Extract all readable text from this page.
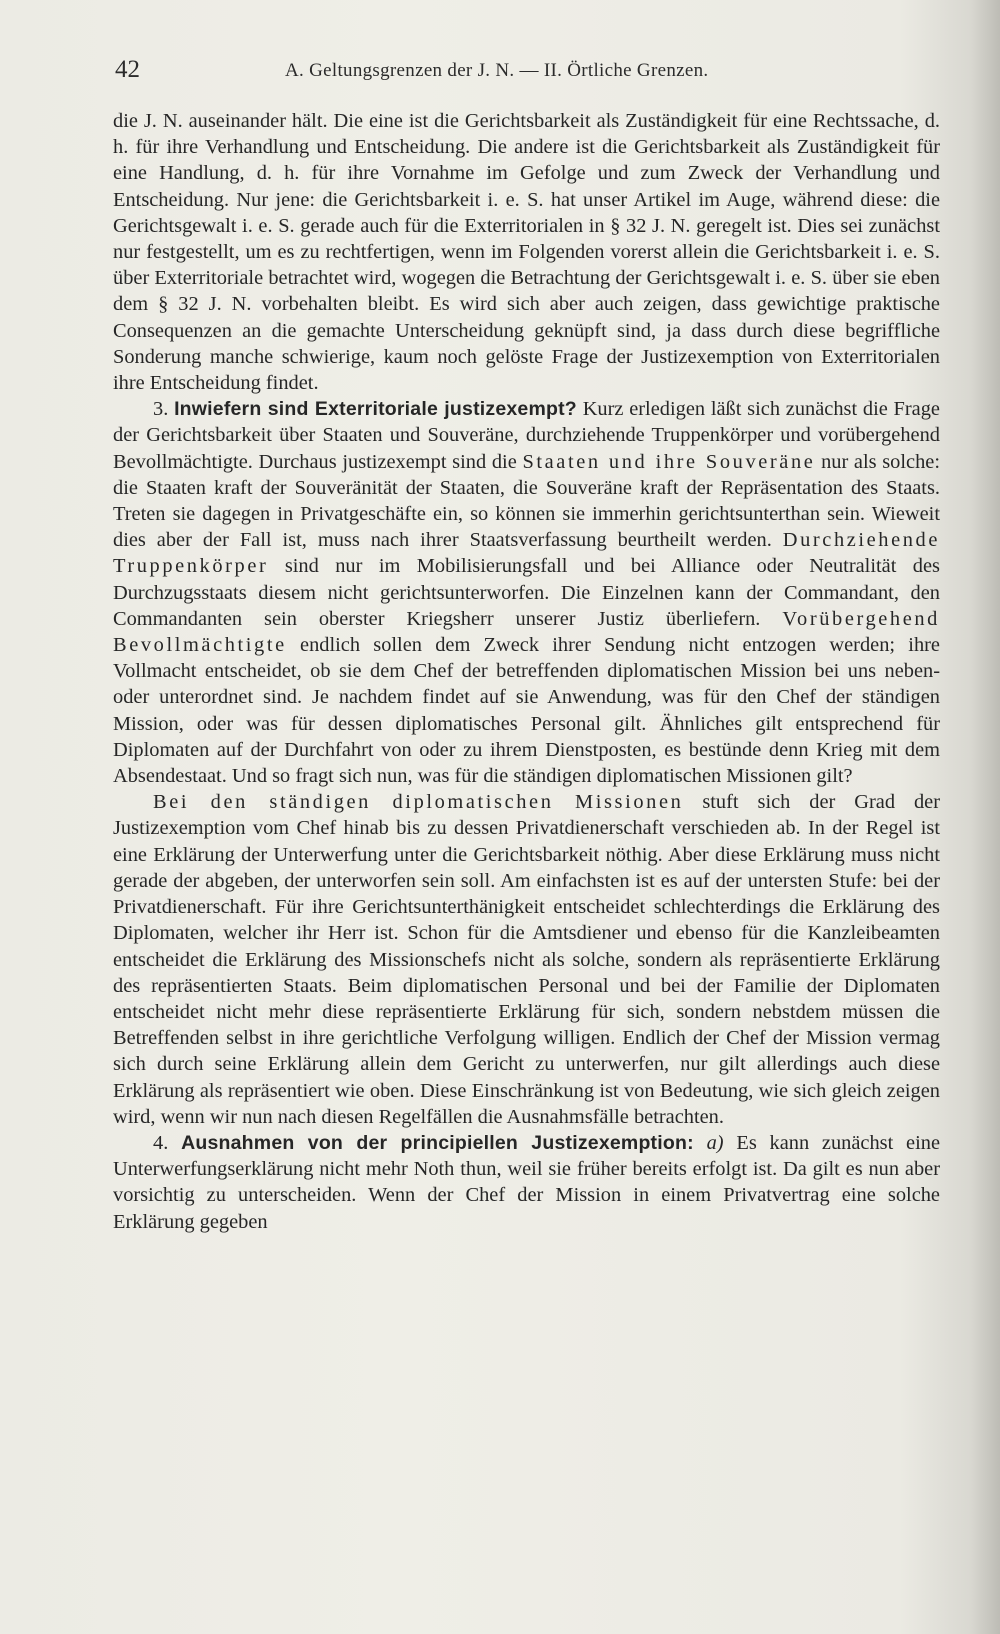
42	A. Geltungsgrenzen der J. N. — II. Örtliche Grenzen.

die J. N. auseinander hält. Die eine ist die Gerichtsbarkeit als Zuständigkeit für eine Rechtssache, d. h. für ihre Verhandlung und Entscheidung. Die andere ist die Gerichtsbarkeit als Zuständigkeit für eine Handlung, d. h. für ihre Vornahme im Gefolge und zum Zweck der Verhandlung und Entscheidung. Nur jene: die Gerichtsbarkeit i. e. S. hat unser Artikel im Auge, während diese: die Gerichtsgewalt i. e. S. gerade auch für die Exterritorialen in § 32 J. N. geregelt ist. Dies sei zunächst nur festgestellt, um es zu rechtfertigen, wenn im Folgenden vorerst allein die Gerichtsbarkeit i. e. S. über Exterritoriale betrachtet wird, wogegen die Betrachtung der Gerichtsgewalt i. e. S. über sie eben dem § 32 J. N. vorbehalten bleibt. Es wird sich aber auch zeigen, dass gewichtige praktische Consequenzen an die gemachte Unterscheidung geknüpft sind, ja dass durch diese begriffliche Sonderung manche schwierige, kaum noch gelöste Frage der Justizexemption von Exterritorialen ihre Entscheidung findet.

3. Inwiefern sind Exterritoriale justizexempt? Kurz erledigen läßt sich zunächst die Frage der Gerichtsbarkeit über Staaten und Souveräne, durchziehende Truppenkörper und vorübergehend Bevollmächtigte. Durchaus justizexempt sind die Staaten und ihre Souveräne nur als solche: die Staaten kraft der Souveränität der Staaten, die Souveräne kraft der Repräsentation des Staats. Treten sie dagegen in Privatgeschäfte ein, so können sie immerhin gerichtsunterthan sein. Wieweit dies aber der Fall ist, muss nach ihrer Staatsverfassung beurtheilt werden. Durchziehende Truppenkörper sind nur im Mobilisierungsfall und bei Alliance oder Neutralität des Durchzugsstaats diesem nicht gerichtsunterworfen. Die Einzelnen kann der Commandant, den Commandanten sein oberster Kriegsherr unserer Justiz überliefern. Vorübergehend Bevollmächtigte endlich sollen dem Zweck ihrer Sendung nicht entzogen werden; ihre Vollmacht entscheidet, ob sie dem Chef der betreffenden diplomatischen Mission bei uns neben- oder unterordnet sind. Je nachdem findet auf sie Anwendung, was für den Chef der ständigen Mission, oder was für dessen diplomatisches Personal gilt. Ähnliches gilt entsprechend für Diplomaten auf der Durchfahrt von oder zu ihrem Dienstposten, es bestünde denn Krieg mit dem Absendestaat. Und so fragt sich nun, was für die ständigen diplomatischen Missionen gilt?

Bei den ständigen diplomatischen Missionen stuft sich der Grad der Justizexemption vom Chef hinab bis zu dessen Privatdienerschaft verschieden ab. In der Regel ist eine Erklärung der Unterwerfung unter die Gerichtsbarkeit nöthig. Aber diese Erklärung muss nicht gerade der abgeben, der unterworfen sein soll. Am einfachsten ist es auf der untersten Stufe: bei der Privatdienerschaft. Für ihre Gerichtsunterthänigkeit entscheidet schlechterdings die Erklärung des Diplomaten, welcher ihr Herr ist. Schon für die Amtsdiener und ebenso für die Kanzleibeamten entscheidet die Erklärung des Missionschefs nicht als solche, sondern als repräsentierte Erklärung des repräsentierten Staats. Beim diplomatischen Personal und bei der Familie der Diplomaten entscheidet nicht mehr diese repräsentierte Erklärung für sich, sondern nebstdem müssen die Betreffenden selbst in ihre gerichtliche Verfolgung willigen. Endlich der Chef der Mission vermag sich durch seine Erklärung allein dem Gericht zu unterwerfen, nur gilt allerdings auch diese Erklärung als repräsentiert wie oben. Diese Einschränkung ist von Bedeutung, wie sich gleich zeigen wird, wenn wir nun nach diesen Regelfällen die Ausnahmsfälle betrachten.

4. Ausnahmen von der principiellen Justizexemption: a) Es kann zunächst eine Unterwerfungserklärung nicht mehr Noth thun, weil sie früher bereits erfolgt ist. Da gilt es nun aber vorsichtig zu unterscheiden. Wenn der Chef der Mission in einem Privatvertrag eine solche Erklärung gegeben
